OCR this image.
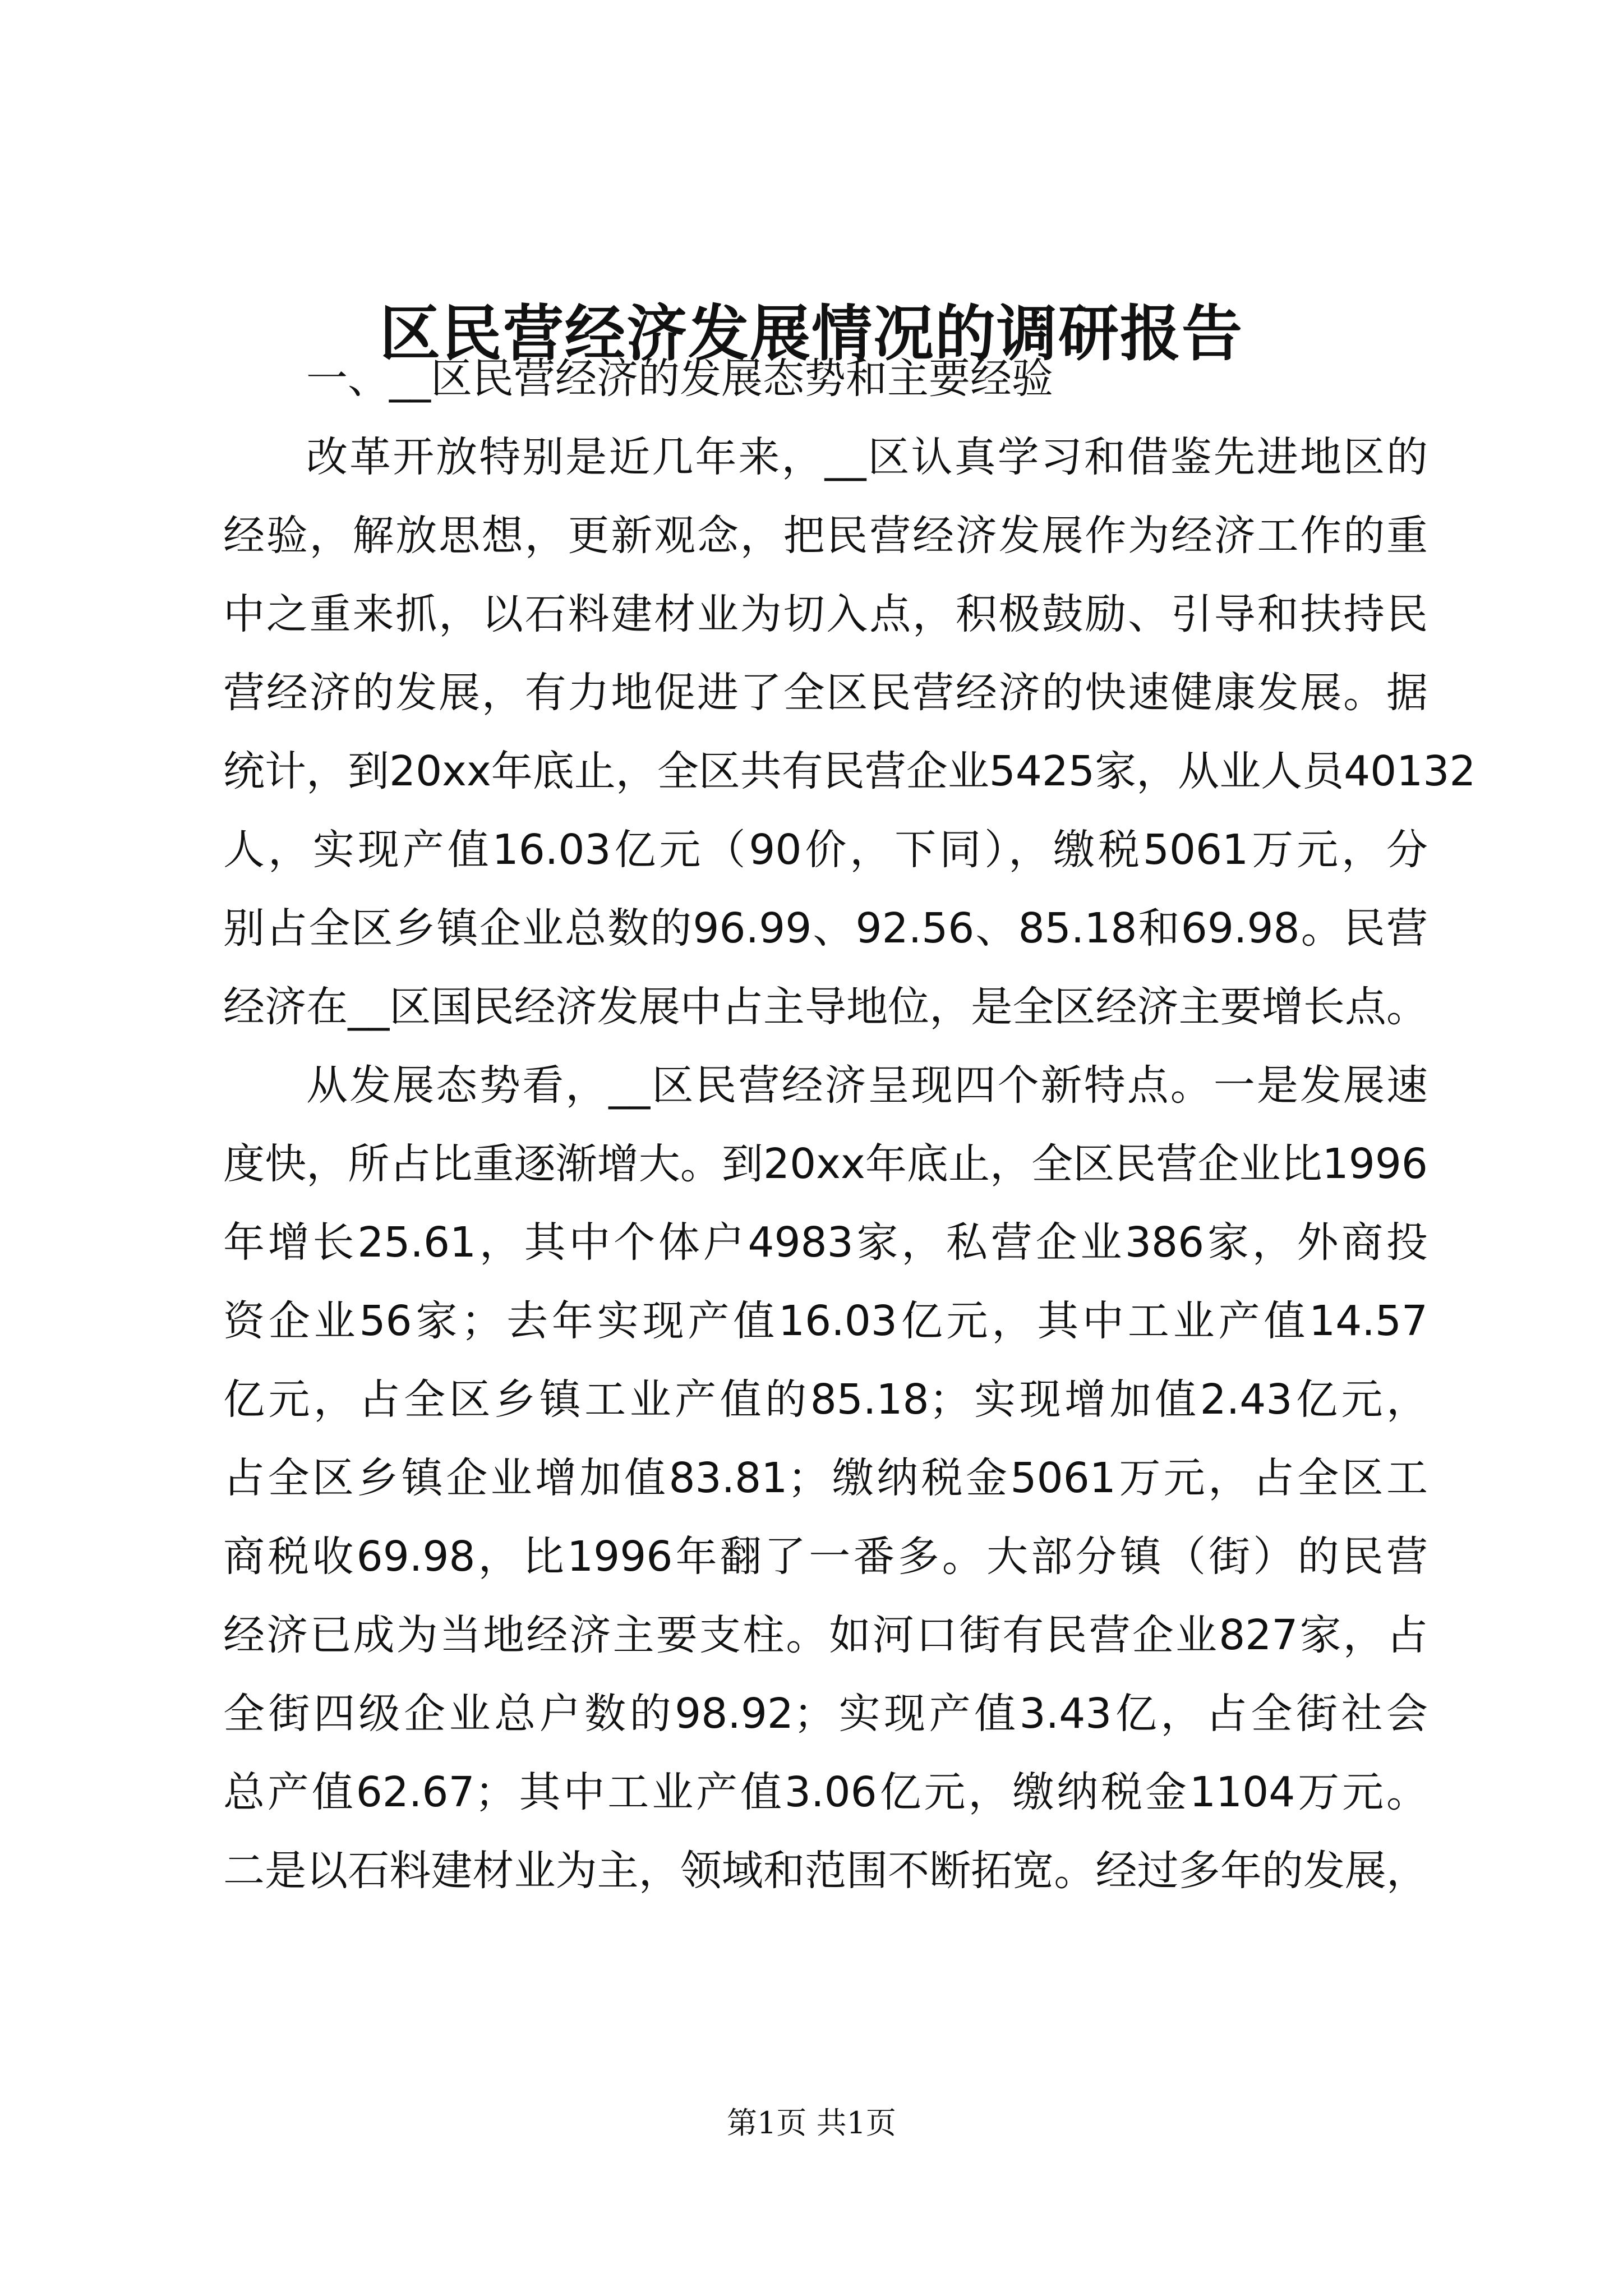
区民营经济发展情况的调研报告
一、__区民营经济的发展态势和主要经验
改革开放特别是近几年来，__区认真学习和借鉴先进地区的
经验，解放思想，更新观念，把民营经济发展作为经济工作的重
中之重来抓，以石料建材业为切入点，积极鼓励、引导和扶持民
营经济的发展，有力地促进了全区民营经济的快速健康发展。据
统计，到20xx年底止，全区共有民营企业5425家，从业人员40132
人，实现产值16.03亿元（90价，下同），缴税5061万元，分
别占全区乡镇企业总数的96.99、92.56、85.18和69.98。民营
经济在__区国民经济发展中占主导地位，是全区经济主要增长点。
从发展态势看，__区民营经济呈现四个新特点。一是发展速
度快，所占比重逐渐增大。到20xx年底止，全区民营企业比1996
年增长25.61，其中个体户4983家，私营企业386家，外商投
资企业56家；去年实现产值16.03亿元，其中工业产值14.57
亿元，占全区乡镇工业产值的85.18；实现增加值2.43亿元，
占全区乡镇企业增加值83.81；缴纳税金5061万元，占全区工
商税收69.98，比1996年翻了一番多。大部分镇（街）的民营
经济已成为当地经济主要支柱。如河口街有民营企业827家，占
全街四级企业总户数的98.92；实现产值3.43亿，占全街社会
总产值62.67；其中工业产值3.06亿元，缴纳税金1104万元。
二是以石料建材业为主，领域和范围不断拓宽。经过多年的发展，
第1页 共1页
